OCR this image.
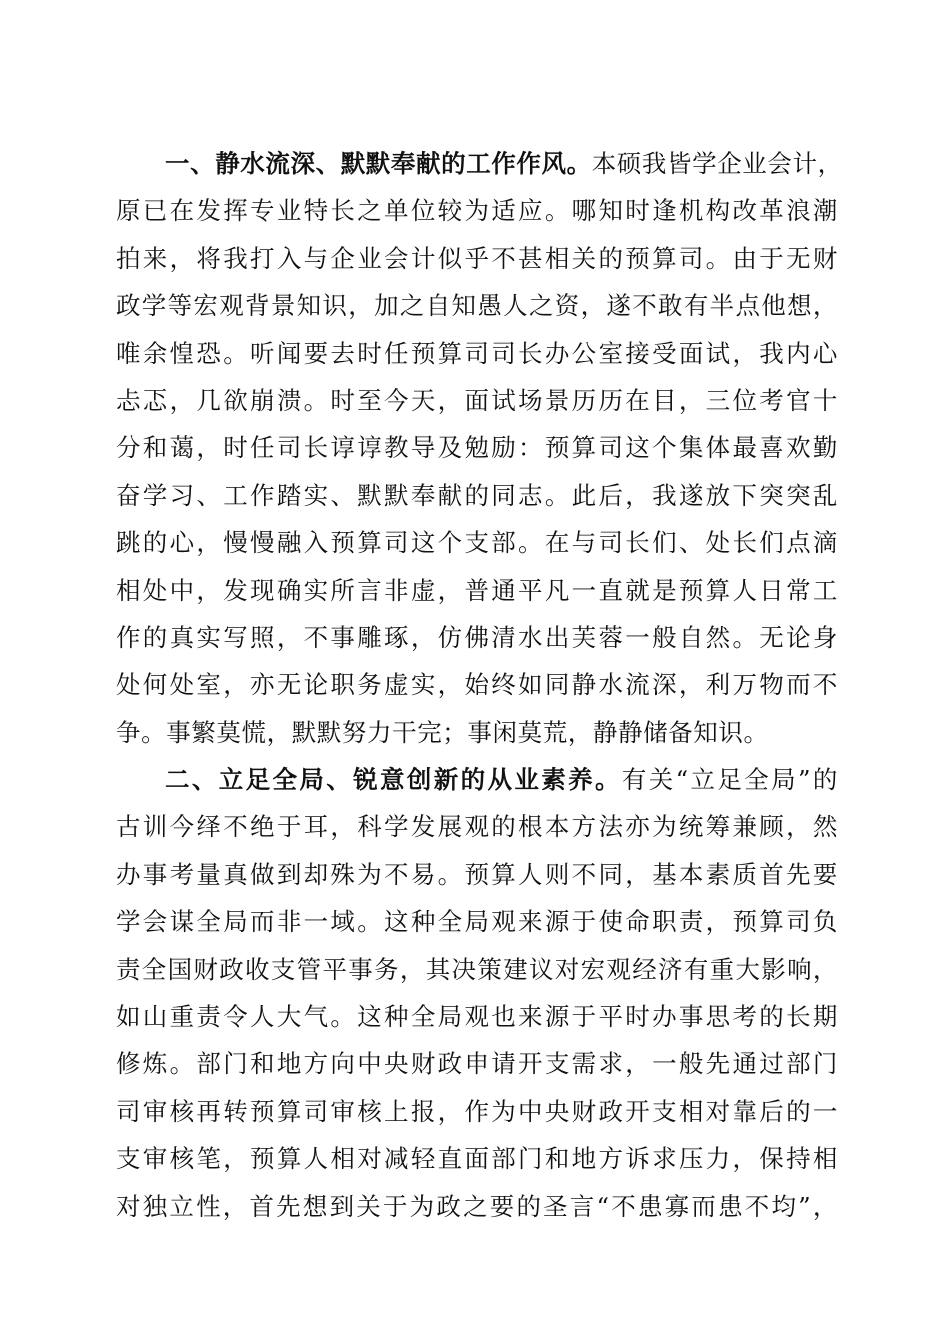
一、静水流深、默默奉献的工作作风。本硕我皆学企业会计，
原已在发挥专业特长之单位较为适应。哪知时逢机构改革浪潮
拍来，将我打入与企业会计似乎不甚相关的预算司。由于无财
政学等宏观背景知识，加之自知愚人之资，遂不敢有半点他想，
唯余惶恐。听闻要去时任预算司司长办公室接受面试，我内心
忐忑，几欲崩溃。时至今天，面试场景历历在目，三位考官十
分和蔼，时任司长谆谆教导及勉励：预算司这个集体最喜欢勤
奋学习、工作踏实、默默奉献的同志。此后，我遂放下突突乱
跳的心，慢慢融入预算司这个支部。在与司长们、处长们点滴
相处中，发现确实所言非虚，普通平凡一直就是预算人日常工
作的真实写照，不事雕琢，仿佛清水出芙蓉一般自然。无论身
处何处室，亦无论职务虚实，始终如同静水流深，利万物而不
争。事繁莫慌，默默努力干完；事闲莫荒，静静储备知识。
二、立足全局、锐意创新的从业素养。有关“立足全局”的
古训今绎不绝于耳，科学发展观的根本方法亦为统筹兼顾，然
办事考量真做到却殊为不易。预算人则不同，基本素质首先要
学会谋全局而非一域。这种全局观来源于使命职责，预算司负
责全国财政收支管平事务，其决策建议对宏观经济有重大影响，
如山重责令人大气。这种全局观也来源于平时办事思考的长期
修炼。部门和地方向中央财政申请开支需求，一般先通过部门
司审核再转预算司审核上报，作为中央财政开支相对靠后的一
支审核笔，预算人相对减轻直面部门和地方诉求压力，保持相
对独立性，首先想到关于为政之要的圣言“不患寡而患不均”，
